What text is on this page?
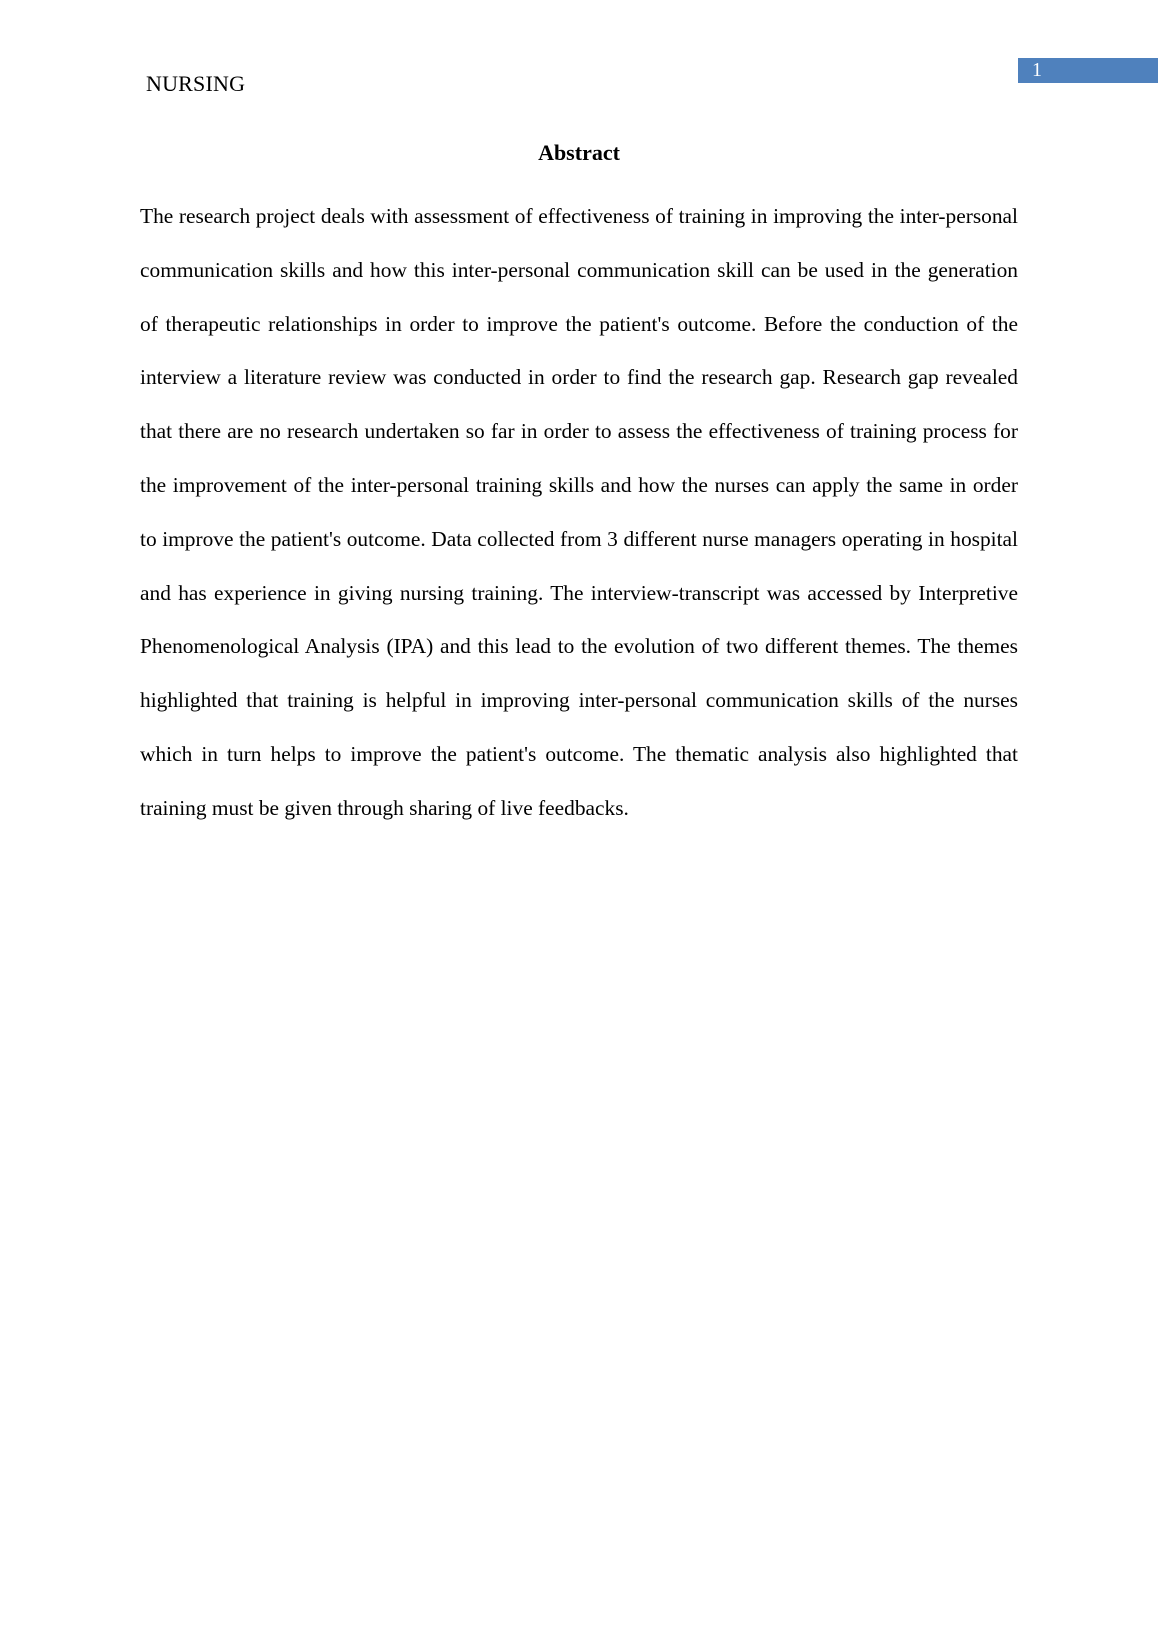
NURSING
1
Abstract

The research project deals with assessment of effectiveness of training in improving the inter-personal communication skills and how this inter-personal communication skill can be used in the generation of therapeutic relationships in order to improve the patient's outcome. Before the conduction of the interview a literature review was conducted in order to find the research gap. Research gap revealed that there are no research undertaken so far in order to assess the effectiveness of training process for the improvement of the inter-personal training skills and how the nurses can apply the same in order to improve the patient's outcome. Data collected from 3 different nurse managers operating in hospital and has experience in giving nursing training. The interview-transcript was accessed by Interpretive Phenomenological Analysis (IPA) and this lead to the evolution of two different themes. The themes highlighted that training is helpful in improving inter-personal communication skills of the nurses which in turn helps to improve the patient's outcome. The thematic analysis also highlighted that training must be given through sharing of live feedbacks.
